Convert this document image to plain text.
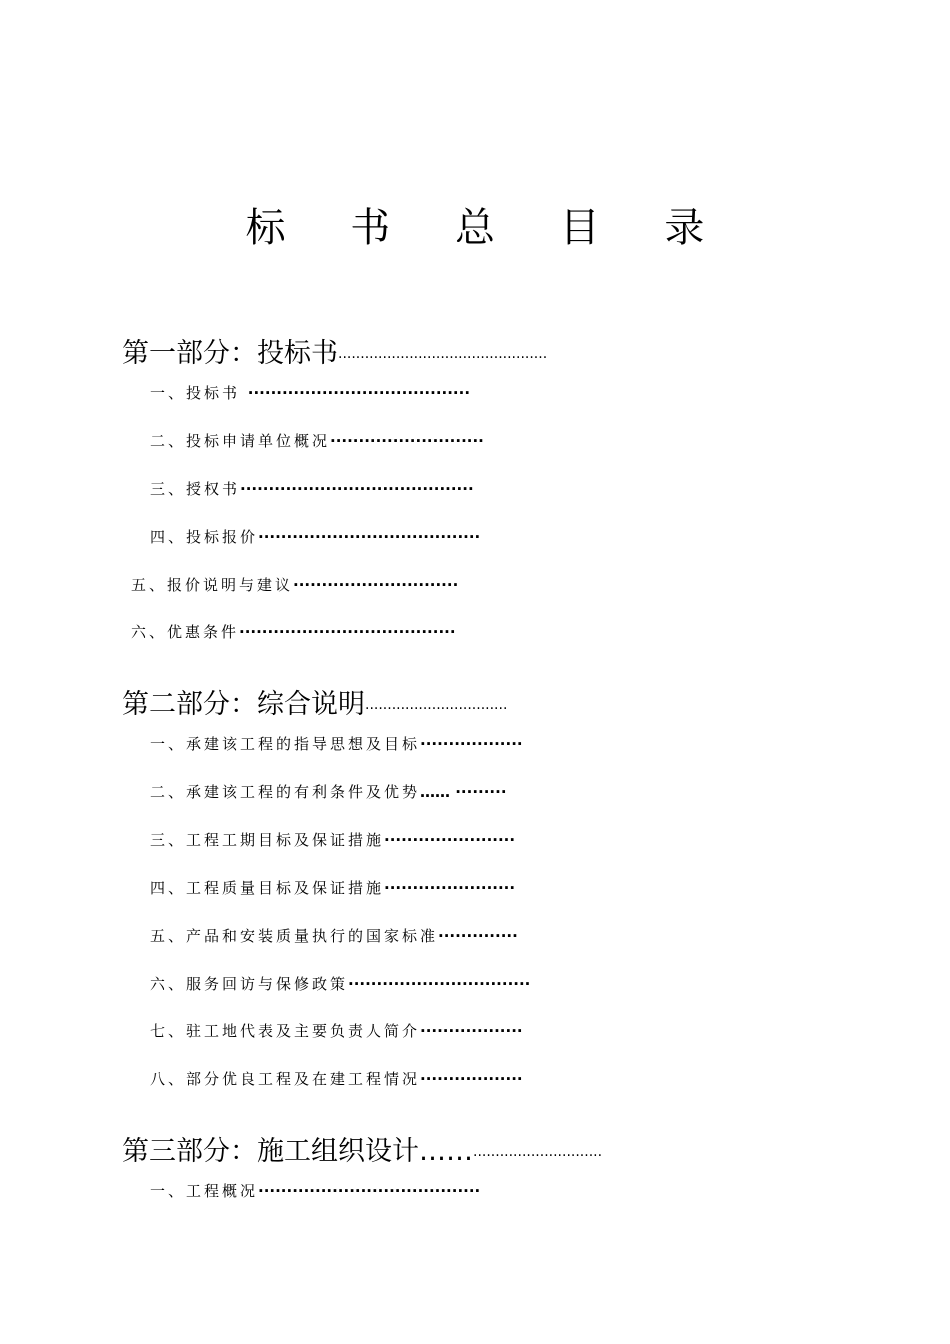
标 书 总 目 录
第一部分：投标书···············································
一、投标书 ·······································
二、投标申请单位概况···························
三、授权书·········································
四、投标报价·······································
五、报价说明与建议·····························
六、优惠条件······································
第二部分：综合说明································
一、承建该工程的指导思想及目标··················
二、承建该工程的有利条件及优势…… ·········
三、工程工期目标及保证措施·······················
四、工程质量目标及保证措施·······················
五、产品和安装质量执行的国家标准··············
六、服务回访与保修政策································
七、驻工地代表及主要负责人简介··················
八、部分优良工程及在建工程情况··················
第三部分：施工组织设计……·····························
一、工程概况·······································
